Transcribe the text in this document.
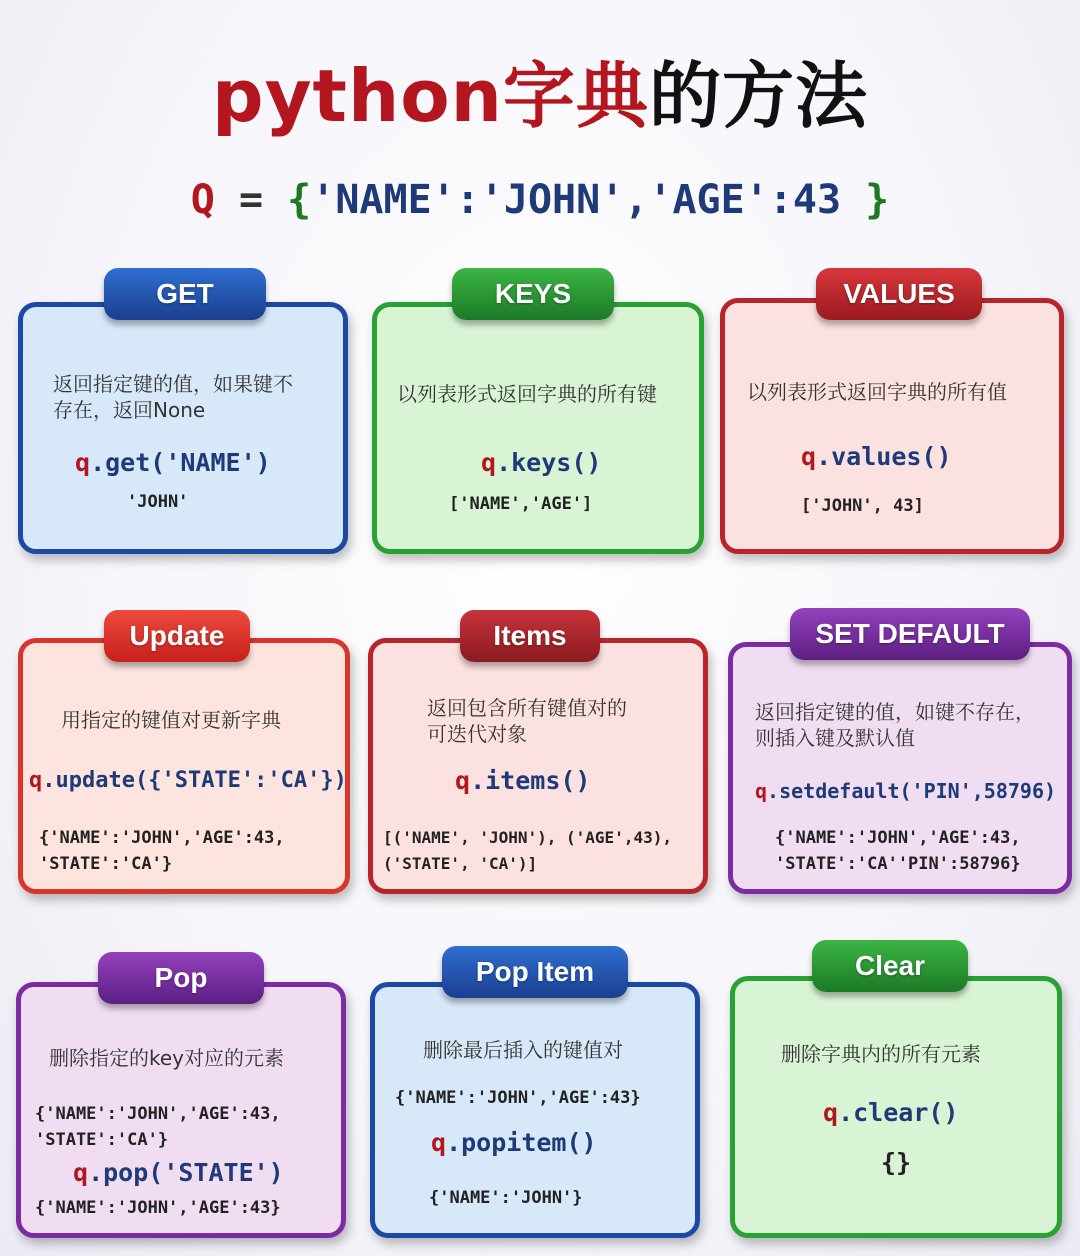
python字典的方法
Q = {'NAME':'JOHN','AGE':43 }
返回指定键的值，如果键不
存在，返回None
q.get('NAME')
'JOHN'
GET
以列表形式返回字典的所有键
q.keys()
['NAME','AGE']
KEYS
以列表形式返回字典的所有值
q.values()
['JOHN', 43]
VALUES
用指定的键值对更新字典
q.update({'STATE':'CA'})
{'NAME':'JOHN','AGE':43,
'STATE':'CA'}
Update
返回包含所有键值对的
可迭代对象
q.items()
[('NAME', 'JOHN'), ('AGE',43),
('STATE', 'CA')]
Items
返回指定键的值，如键不存在，
则插入键及默认值
q.setdefault('PIN',58796)
{'NAME':'JOHN','AGE':43,
'STATE':'CA''PIN':58796}
SET DEFAULT
删除指定的key对应的元素
{'NAME':'JOHN','AGE':43,
'STATE':'CA'}
q.pop('STATE')
{'NAME':'JOHN','AGE':43}
Pop
删除最后插入的键值对
{'NAME':'JOHN','AGE':43}
q.popitem()
{'NAME':'JOHN'}
Pop Item
删除字典内的所有元素
q.clear()
{}
Clear
